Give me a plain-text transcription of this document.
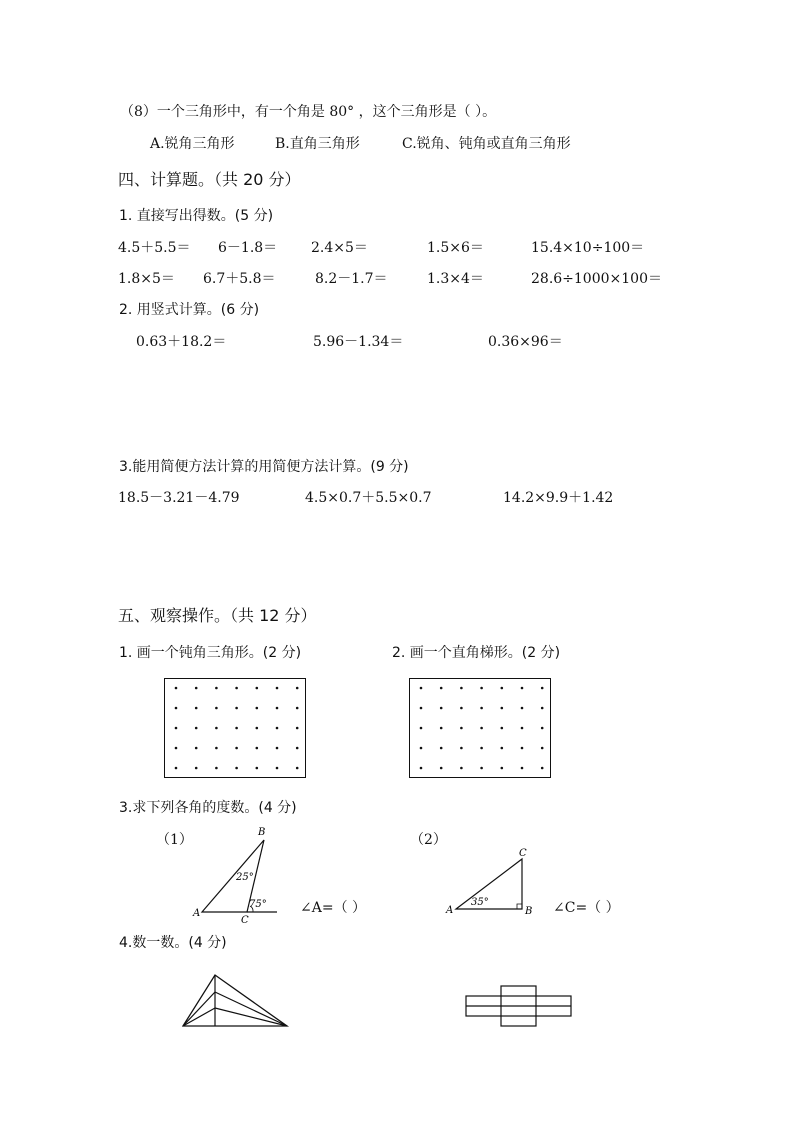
（8）一个三角形中，有一个角是 80° ，这个三角形是（ ）。
A.锐角三角形	B.直角三角形	C.锐角、钝角或直角三角形
四、计算题。（共 20 分）
1. 直接写出得数。(5 分)
4.5＋5.5＝ 6－1.8＝ 2.4×5＝	1.5×6＝	15.4×10÷100＝
1.8×5＝ 6.7＋5.8＝	8.2－1.7＝	1.3×4＝	28.6÷1000×100＝
2. 用竖式计算。(6 分)
0.63＋18.2＝	5.96－1.34＝	0.36×96＝
3.能用简便方法计算的用简便方法计算。(9 分)
18.5－3.21－4.79	4.5×0.7＋5.5×0.7	14.2×9.9＋1.42
五、观察操作。（共 12 分）
1. 画一个钝角三角形。(2 分)	2. 画一个直角梯形。(2 分)
3.求下列各角的度数。(4 分)
（1）	（2）
A
B
C
25°
75° ∠A=（ ）	A	B
C
35°	∠C=（ ）
4.数一数。(4 分)
